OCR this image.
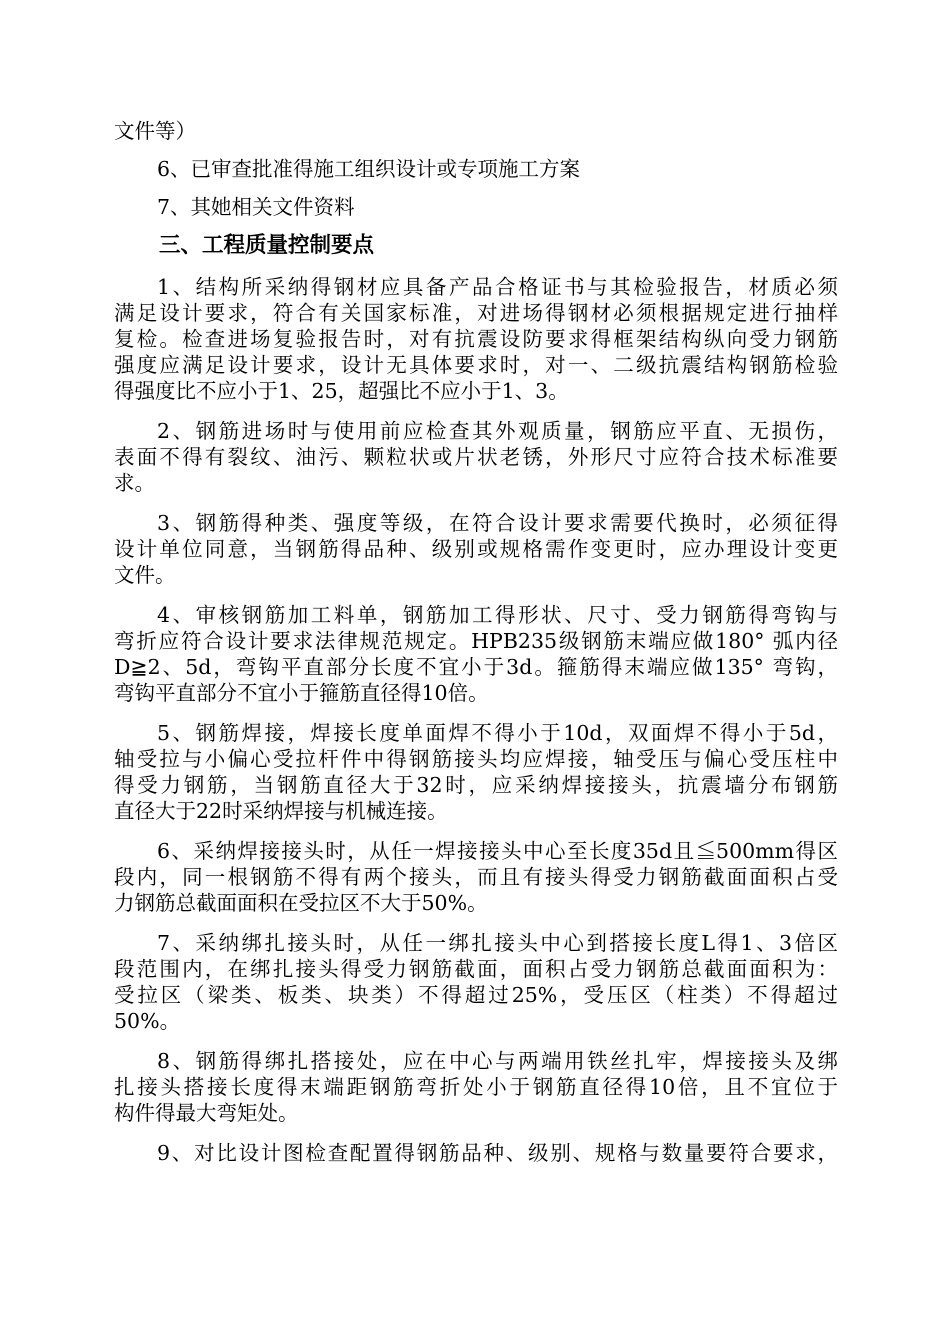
文件等）

6、已审查批准得施工组织设计或专项施工方案

7、其她相关文件资料

三、工程质量控制要点

1、结构所采纳得钢材应具备产品合格证书与其检验报告，材质必须

满足设计要求，符合有关国家标准，对进场得钢材必须根据规定进行抽样

复检。检查进场复验报告时，对有抗震设防要求得框架结构纵向受力钢筋

强度应满足设计要求，设计无具体要求时，对一、二级抗震结构钢筋检验

得强度比不应小于1、25，超强比不应小于1、3。

2、钢筋进场时与使用前应检查其外观质量，钢筋应平直、无损伤，

表面不得有裂纹、油污、颗粒状或片状老锈，外形尺寸应符合技术标准要

求。

3、钢筋得种类、强度等级，在符合设计要求需要代换时，必须征得

设计单位同意，当钢筋得品种、级别或规格需作变更时，应办理设计变更

文件。

4、审核钢筋加工料单，钢筋加工得形状、尺寸、受力钢筋得弯钩与

弯折应符合设计要求法律规范规定。HPB235级钢筋末端应做180° 弧内径

D≧2、5d，弯钩平直部分长度不宜小于3d。箍筋得末端应做135° 弯钩，

弯钩平直部分不宜小于箍筋直径得10倍。

5、钢筋焊接，焊接长度单面焊不得小于10d，双面焊不得小于5d，

轴受拉与小偏心受拉杆件中得钢筋接头均应焊接，轴受压与偏心受压柱中

得受力钢筋，当钢筋直径大于32时，应采纳焊接接头，抗震墙分布钢筋

直径大于22时采纳焊接与机械连接。

6、采纳焊接接头时，从任一焊接接头中心至长度35d且≦500mm得区

段内，同一根钢筋不得有两个接头，而且有接头得受力钢筋截面面积占受

力钢筋总截面面积在受拉区不大于50%。

7、采纳绑扎接头时，从任一绑扎接头中心到搭接长度L得1、3倍区

段范围内，在绑扎接头得受力钢筋截面，面积占受力钢筋总截面面积为：

受拉区（梁类、板类、块类）不得超过25%，受压区（柱类）不得超过

50%。

8、钢筋得绑扎搭接处，应在中心与两端用铁丝扎牢，焊接接头及绑

扎接头搭接长度得末端距钢筋弯折处小于钢筋直径得10倍，且不宜位于

构件得最大弯矩处。

9、对比设计图检查配置得钢筋品种、级别、规格与数量要符合要求，
